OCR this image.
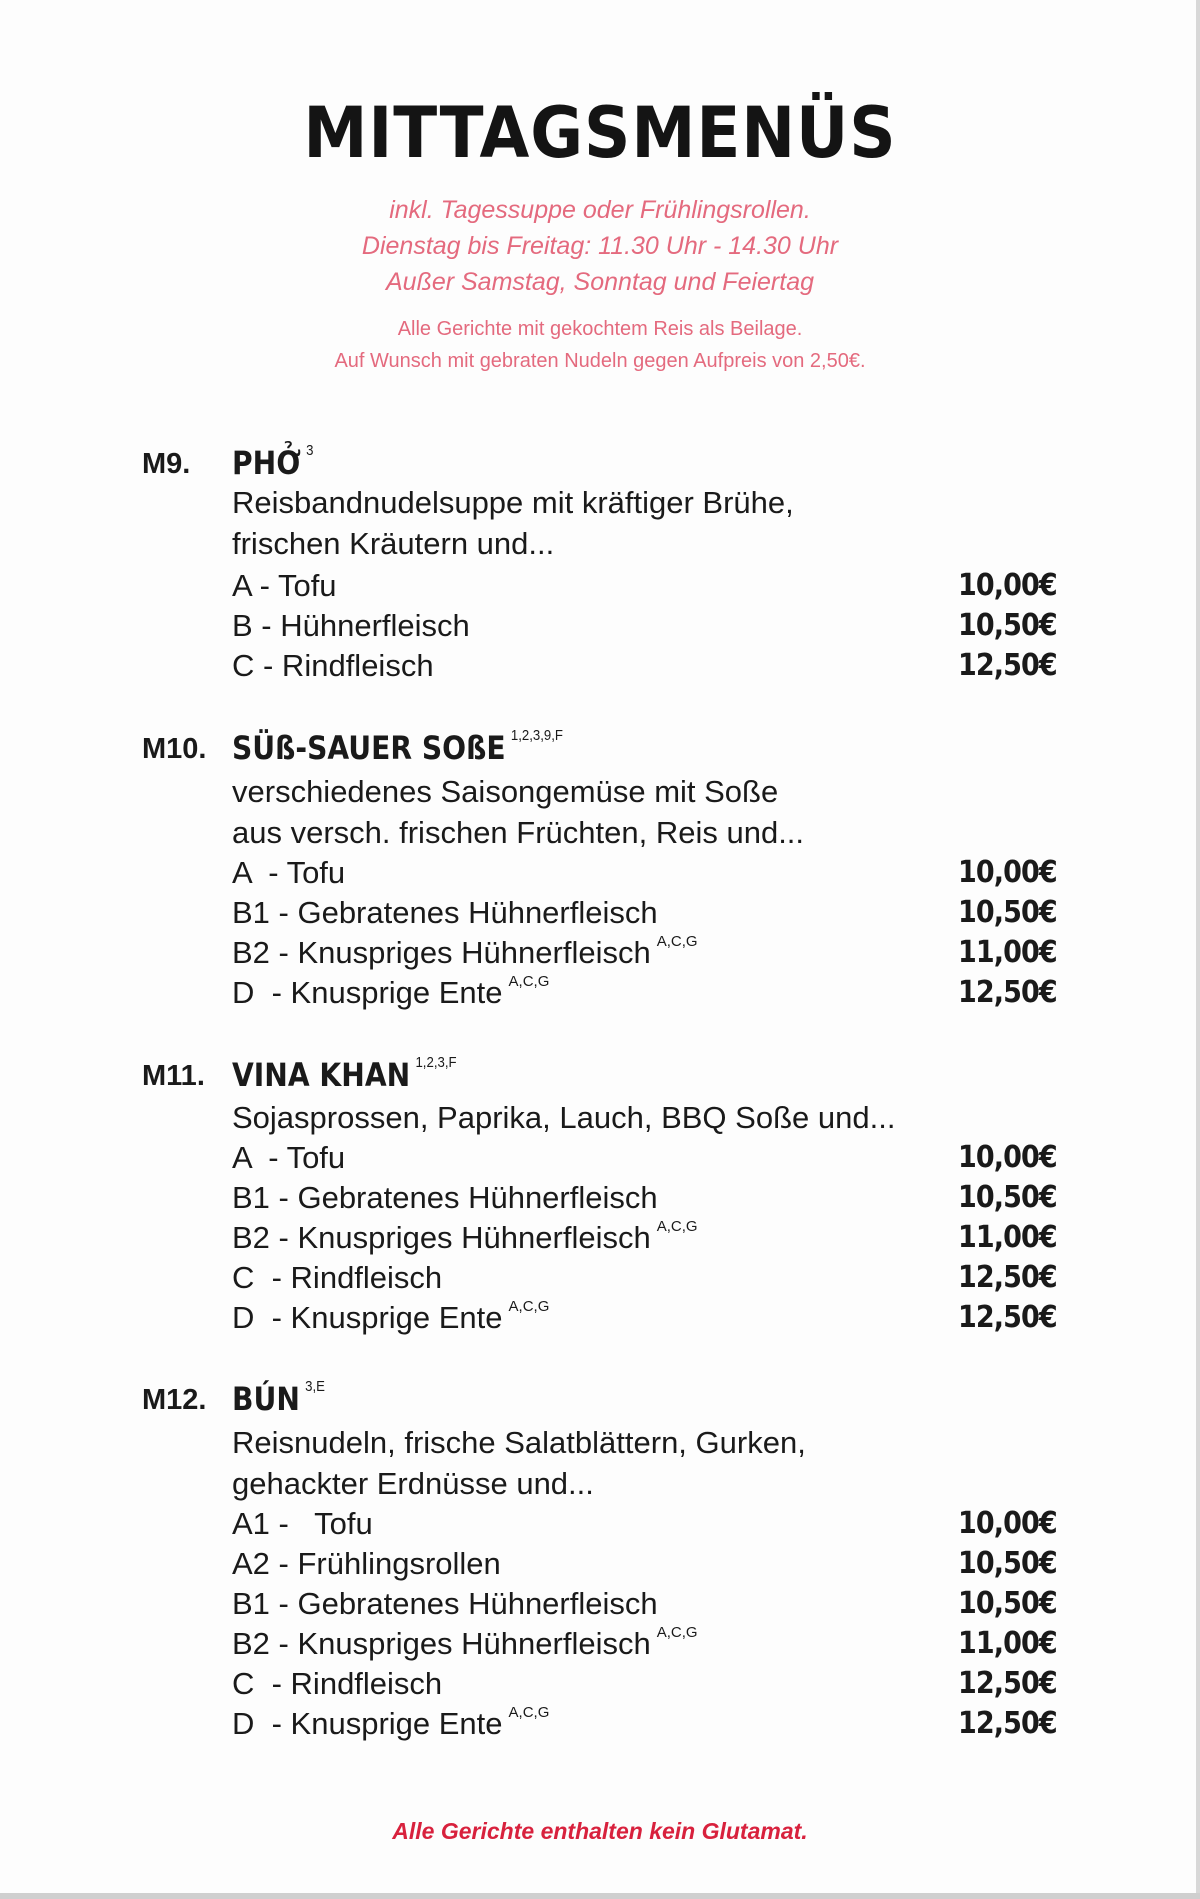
MITTAGSMENÜS
inkl. Tagessuppe oder Frühlingsrollen.
Dienstag bis Freitag: 11.30 Uhr - 14.30 Uhr
Außer Samstag, Sonntag und Feiertag
Alle Gerichte mit gekochtem Reis als Beilage.
Auf Wunsch mit gebraten Nudeln gegen Aufpreis von 2,50€.
M9. PHỞ $^3$
Reisbandnudelsuppe mit kräftiger Brühe,
frischen Kräutern und...
A - Tofu	10,00€
B - Hühnerfleisch	10,50€
C - Rindfleisch	12,50€
M10. SÜß-SAUER SOßE $^{1,2,3,9,F}$
verschiedenes Saisongemüse mit Soße
aus versch. frischen Früchten, Reis und...
A  - Tofu	10,00€
B1 - Gebratenes Hühnerfleisch	10,50€
B2 - Knuspriges Hühnerfleisch $^{A,C,G}$	11,00€
D  - Knusprige Ente $^{A,C,G}$	12,50€
M11. VINA KHAN $^{1,2,3,F}$
Sojasprossen, Paprika, Lauch, BBQ Soße und...
A  - Tofu	10,00€
B1 - Gebratenes Hühnerfleisch	10,50€
B2 - Knuspriges Hühnerfleisch $^{A,C,G}$	11,00€
C  - Rindfleisch	12,50€
D  - Knusprige Ente $^{A,C,G}$	12,50€
M12. BÚN $^{3,E}$
Reisnudeln, frische Salatblättern, Gurken,
gehackter Erdnüsse und...
A1 -   Tofu	10,00€
A2 - Frühlingsrollen	10,50€
B1 - Gebratenes Hühnerfleisch	10,50€
B2 - Knuspriges Hühnerfleisch $^{A,C,G}$	11,00€
C  - Rindfleisch	12,50€
D  - Knusprige Ente $^{A,C,G}$	12,50€
Alle Gerichte enthalten kein Glutamat.
